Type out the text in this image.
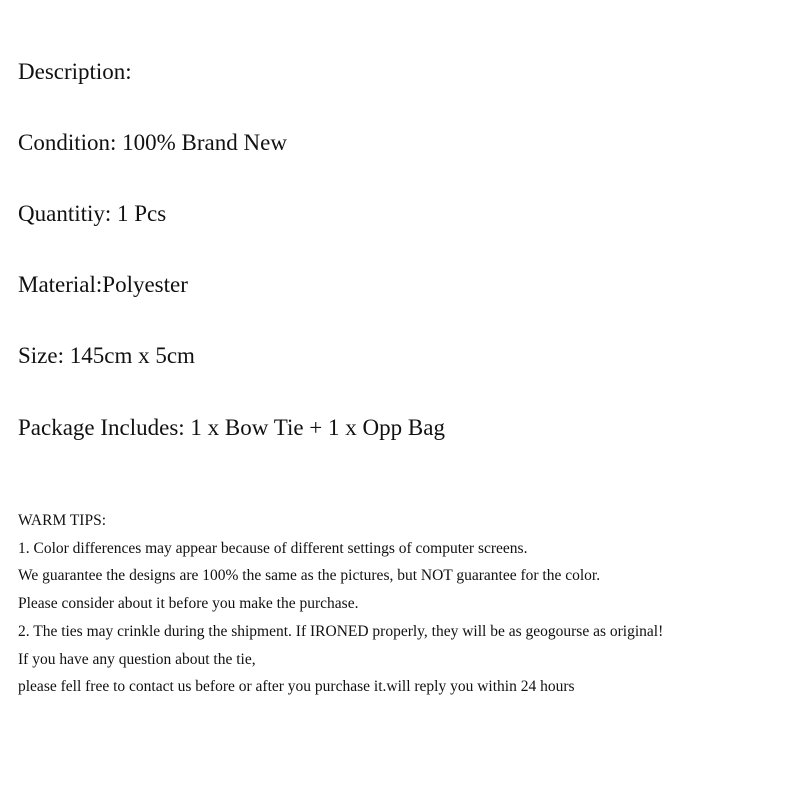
Description:

Condition: 100% Brand New

Quantitiy: 1 Pcs

Material:Polyester

Size: 145cm x 5cm

Package Includes: 1 x Bow Tie + 1 x Opp Bag

WARM TIPS:
1. Color differences may appear because of different settings of computer screens.
We guarantee the designs are 100% the same as the pictures, but NOT guarantee for the color.
Please consider about it before you make the purchase.
2. The ties may crinkle during the shipment. If IRONED properly, they will be as geogourse as original!
If you have any question about the tie,
please fell free to contact us before or after you purchase it.will reply you within 24 hours
